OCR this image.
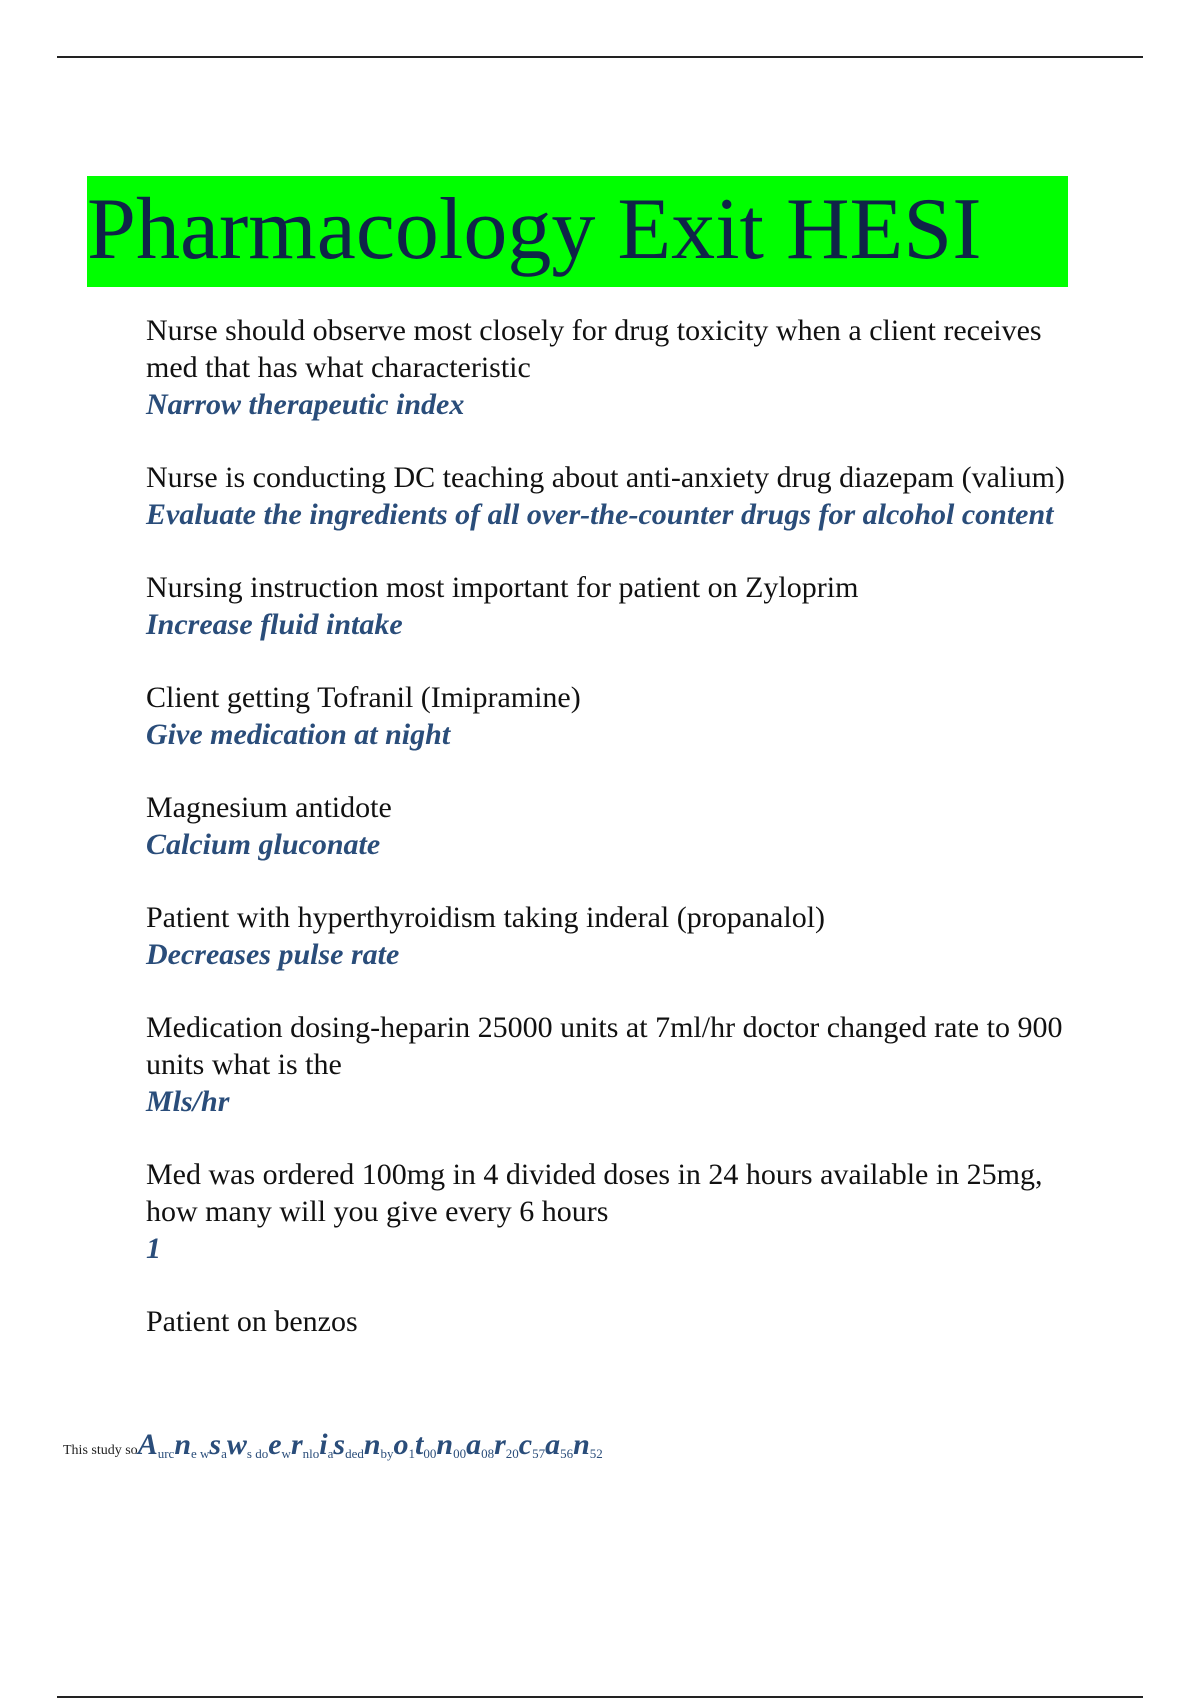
Pharmacology Exit HESI
Nurse should observe most closely for drug toxicity when a client receives med that has what characteristic
Narrow therapeutic index
Nurse is conducting DC teaching about anti-anxiety drug diazepam (valium)
Evaluate the ingredients of all over-the-counter drugs for alcohol content
Nursing instruction most important for patient on Zyloprim
Increase fluid intake
Client getting Tofranil (Imipramine)
Give medication at night
Magnesium antidote
Calcium gluconate
Patient with hyperthyroidism taking inderal (propanalol)
Decreases pulse rate
Medication dosing-heparin 25000 units at 7ml/hr doctor changed rate to 900 units what is the
Mls/hr
Med was ordered 100mg in 4 divided doses in 24 hours available in 25mg, how many will you give every 6 hours
1
Patient on benzos
This study $soA_{urc}n_{e w}s_aw_{s do}e_wr_{nlo}i_as_{ded}n_{by}o_1t_{00}n_{00}a_{08}r_{20}c_{57}a_{56}n_{52}$
